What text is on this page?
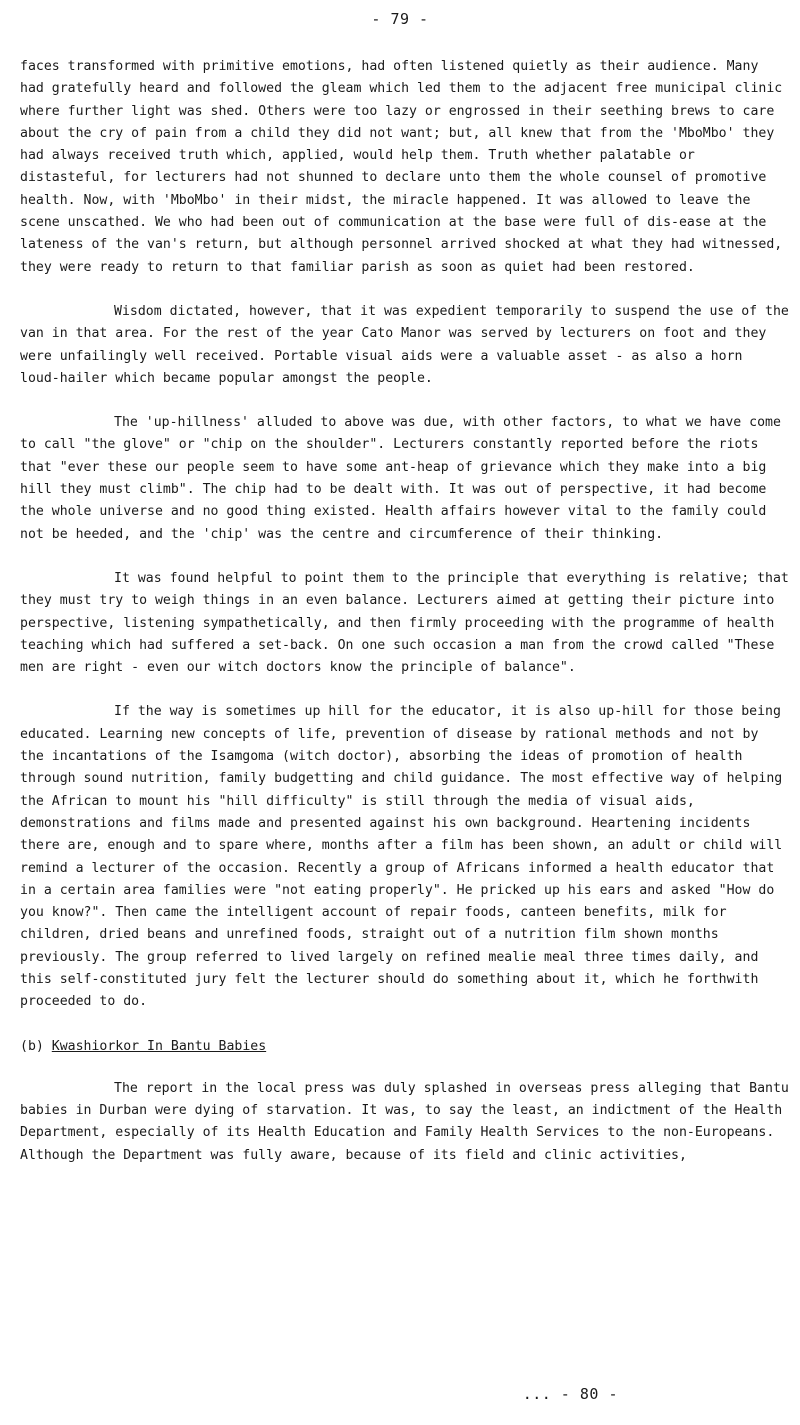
- 79 -

faces transformed with primitive emotions, had often listened quietly as their audience. Many had gratefully heard and followed the gleam which led them to the adjacent free municipal clinic where further light was shed. Others were too lazy or engrossed in their seething brews to care about the cry of pain from a child they did not want; but, all knew that from the 'MboMbo' they had always received truth which, applied, would help them. Truth whether palatable or distasteful, for lecturers had not shunned to declare unto them the whole counsel of promotive health. Now, with 'MboMbo' in their midst, the miracle happened. It was allowed to leave the scene unscathed. We who had been out of communication at the base were full of dis-ease at the lateness of the van's return, but although personnel arrived shocked at what they had witnessed, they were ready to return to that familiar parish as soon as quiet had been restored.

Wisdom dictated, however, that it was expedient temporarily to suspend the use of the van in that area. For the rest of the year Cato Manor was served by lecturers on foot and they were unfailingly well received. Portable visual aids were a valuable asset - as also a horn loud-hailer which became popular amongst the people.

The 'up-hillness' alluded to above was due, with other factors, to what we have come to call "the glove" or "chip on the shoulder". Lecturers constantly reported before the riots that "ever these our people seem to have some ant-heap of grievance which they make into a big hill they must climb". The chip had to be dealt with. It was out of perspective, it had become the whole universe and no good thing existed. Health affairs however vital to the family could not be heeded, and the 'chip' was the centre and circumference of their thinking.

It was found helpful to point them to the principle that everything is relative; that they must try to weigh things in an even balance. Lecturers aimed at getting their picture into perspective, listening sympathetically, and then firmly proceeding with the programme of health teaching which had suffered a set-back. On one such occasion a man from the crowd called "These men are right - even our witch doctors know the principle of balance".

If the way is sometimes up hill for the educator, it is also up-hill for those being educated. Learning new concepts of life, prevention of disease by rational methods and not by the incantations of the Isamgoma (witch doctor), absorbing the ideas of promotion of health through sound nutrition, family budgetting and child guidance. The most effective way of helping the African to mount his "hill difficulty" is still through the media of visual aids, demonstrations and films made and presented against his own background. Heartening incidents there are, enough and to spare where, months after a film has been shown, an adult or child will remind a lecturer of the occasion. Recently a group of Africans informed a health educator that in a certain area families were "not eating properly". He pricked up his ears and asked "How do you know?". Then came the intelligent account of repair foods, canteen benefits, milk for children, dried beans and unrefined foods, straight out of a nutrition film shown months previously. The group referred to lived largely on refined mealie meal three times daily, and this self-constituted jury felt the lecturer should do something about it, which he forthwith proceeded to do.

(b) Kwashiorkor In Bantu Babies

The report in the local press was duly splashed in overseas press alleging that Bantu babies in Durban were dying of starvation. It was, to say the least, an indictment of the Health Department, especially of its Health Education and Family Health Services to the non-Europeans. Although the Department was fully aware, because of its field and clinic activities,

... - 80 -
